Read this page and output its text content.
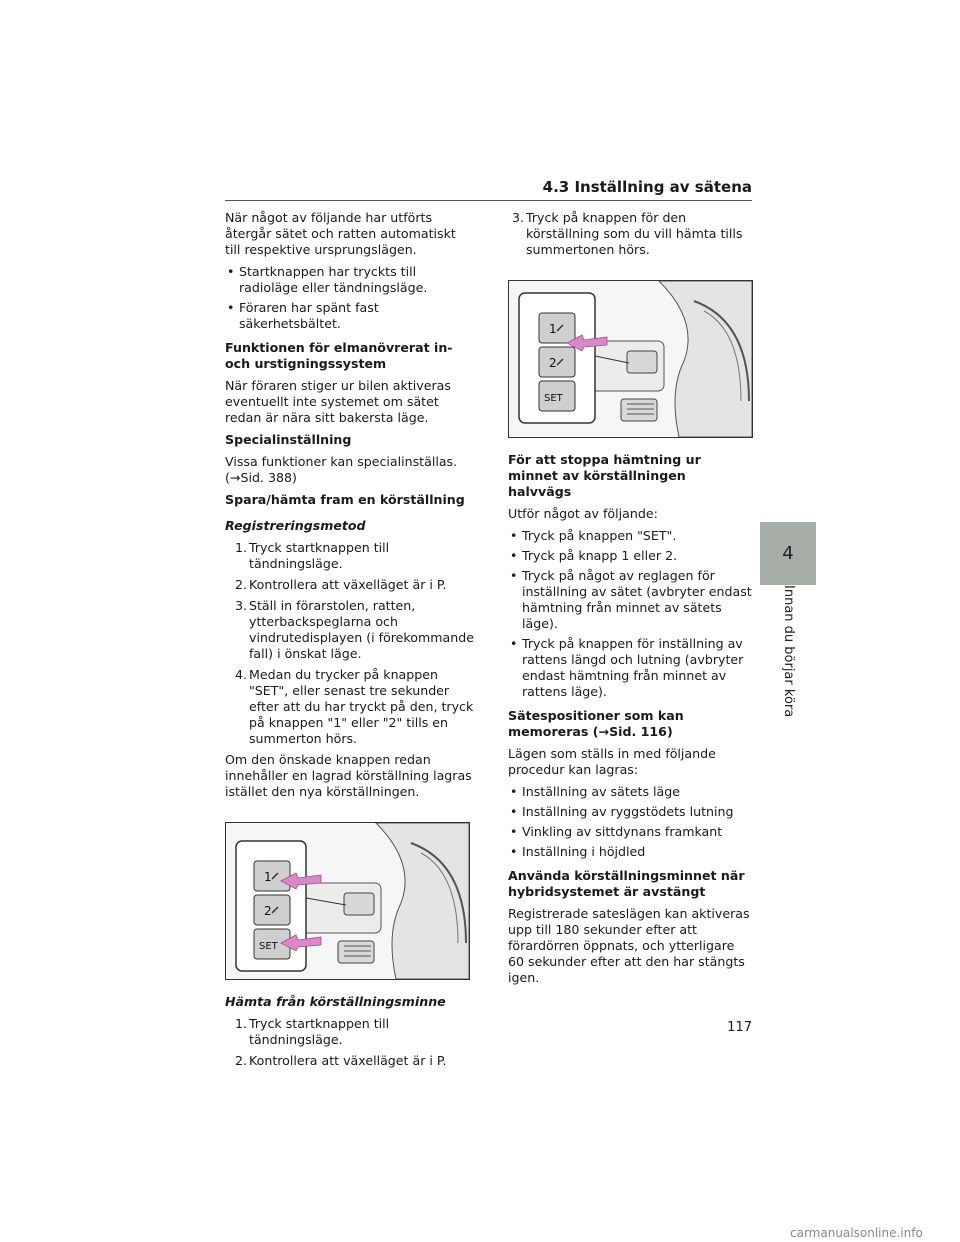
4.3 Inställning av sätena

När något av följande har utförts återgår sätet och ratten automatiskt till respektive ursprungslägen.

• Startknappen har tryckts till radioläge eller tändningsläge.
• Föraren har spänt fast säkerhetsbältet.
Funktionen för elmanövrerat in- och urstigningssystem

När föraren stiger ur bilen aktiveras eventuellt inte systemet om sätet redan är nära sitt bakersta läge.

Specialinställning

Vissa funktioner kan specialinställas. (→Sid. 388)

Spara/hämta fram en körställning
Registreringsmetod
1. Tryck startknappen till tändningsläge.
2. Kontrollera att växelläget är i P.
3. Ställ in förarstolen, ratten, ytterbackspeglarna och vindrutedisplayen (i förekommande fall) i önskat läge.
4. Medan du trycker på knappen "SET", eller senast tre sekunder efter att du har tryckt på den, tryck på knappen "1" eller "2" tills en summerton hörs.

Om den önskade knappen redan innehåller en lagrad körställning lagras istället den nya körställningen.

1
2
SET
Hämta från körställningsminne
1. Tryck startknappen till tändningsläge.
2. Kontrollera att växelläget är i P.
3. Tryck på knappen för den körställning som du vill hämta tills summertonen hörs.
1
2
SET
För att stoppa hämtning ur minnet av körställningen halvvägs

Utför något av följande:

• Tryck på knappen "SET".
• Tryck på knapp 1 eller 2.
• Tryck på något av reglagen för inställning av sätet (avbryter endast hämtning från minnet av sätets läge).
• Tryck på knappen för inställning av rattens längd och lutning (avbryter endast hämtning från minnet av rattens läge).
Sätespositioner som kan memoreras (→Sid. 116)

Lägen som ställs in med följande procedur kan lagras:

• Inställning av sätets läge
• Inställning av ryggstödets lutning
• Vinkling av sittdynans framkant
• Inställning i höjdled
Använda körställningsminnet när hybridsystemet är avstängt

Registrerade sateslägen kan aktiveras upp till 180 sekunder efter att förardörren öppnats, och ytterligare 60 sekunder efter att den har stängts igen.

4
Innan du börjar köra
117
carmanualsonline.info
